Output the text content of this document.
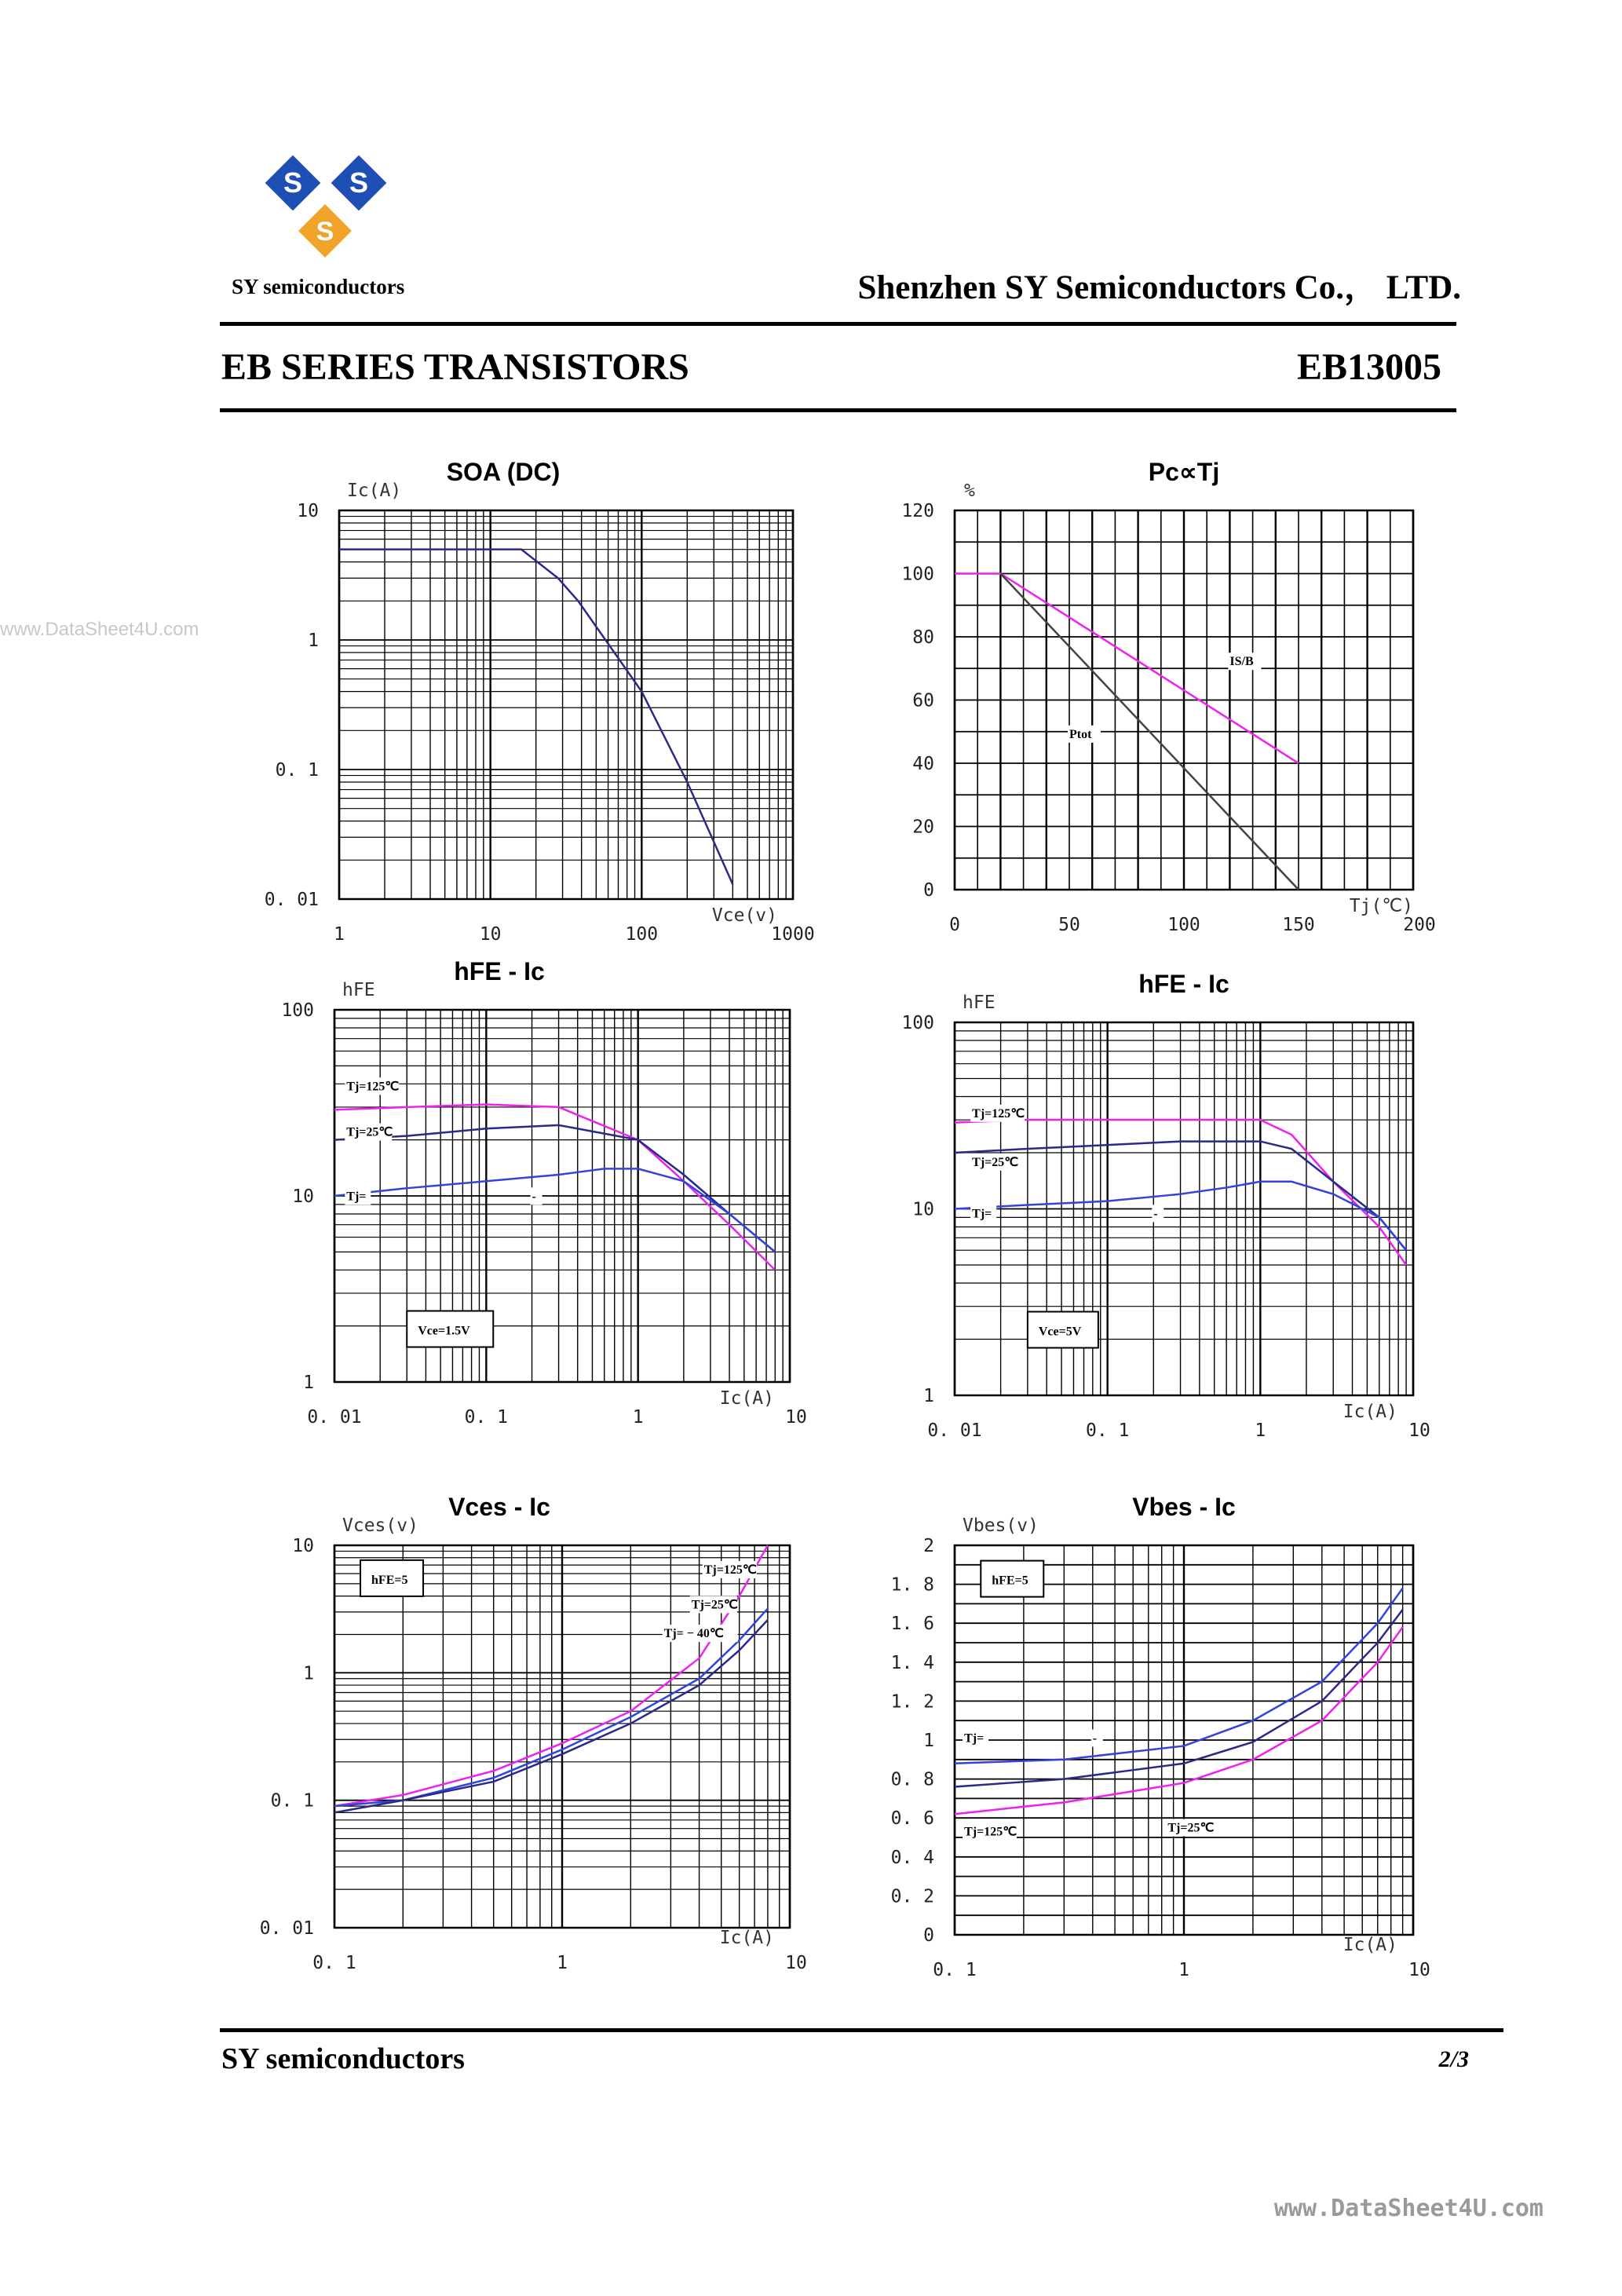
S S
S
SY semiconductors	Shenzhen SY Semiconductors Co.， LTD.
EB SERIES TRANSISTORS	EB13005
www.DataSheet4U.com
SOA (DC)
Ic(A)
Vce(v)
1	10	100	1000
10
1
0. 1
0. 01
Pc∝Tj
%
Tj(℃)
0	50	100	150	200
120
100
80
60
40
20
0
IS/B
Ptot
hFE - Ic
hFE
Ic(A)
0. 01	0. 1	1	10
100
10
1
Tj=125℃
Tj=25℃
Tj=	-
Vce=1.5V
hFE - Ic
hFE
Ic(A)
0. 01	0. 1	1	10
100
10
1
Tj=125℃
Tj=25℃
Tj=	-
Vce=5V
Vces - Ic
Vces(v)
Ic(A)
0. 1	1	10
10
1
0. 1
0. 01
hFE=5
Tj=125℃
Tj=25℃
Tj= − 40℃
Vbes - Ic
Vbes(v)
Ic(A)
0. 1	1	10
2
1. 8
1. 6
1. 4
1. 2
1
0. 8
0. 6
0. 4
0. 2
0
hFE=5
Tj=	-
Tj=125℃	Tj=25℃
SY semiconductors	2/3
www.DataSheet4U.com
